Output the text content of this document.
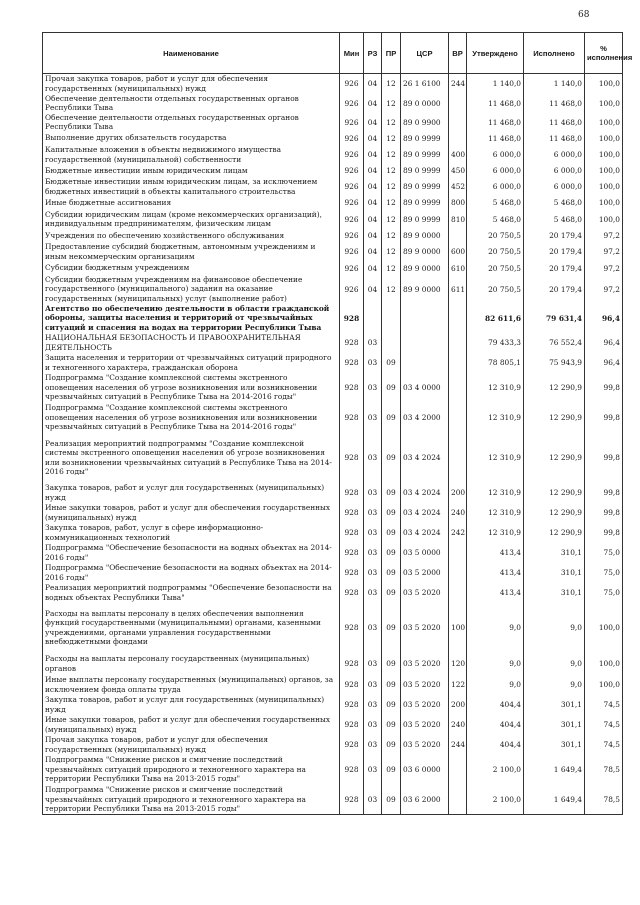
68
Наименование	Мин	РЗ	ПР	ЦСР	ВР	Утверждено	Исполнено	% исполнения
Прочая закупка товаров, работ и услуг для обеспечения государственных (муниципальных) нужд	926	04	12	26 1 6100	244	1 140,0	1 140,0	100,0
Обеспечение деятельности отдельных государственных органов Республики Тыва	926	04	12	89 0 0000		11 468,0	11 468,0	100,0
Обеспечение деятельности отдельных государственных органов Республики Тыва	926	04	12	89 0 9900		11 468,0	11 468,0	100,0
Выполнение других обязательств государства	926	04	12	89 0 9999		11 468,0	11 468,0	100,0
Капитальные вложения в объекты недвижимого имущества государственной (муниципальной) собственности	926	04	12	89 0 9999	400	6 000,0	6 000,0	100,0
Бюджетные инвестиции иным юридическим лицам	926	04	12	89 0 9999	450	6 000,0	6 000,0	100,0
Бюджетные инвестиции иным юридическим лицам, за исключением бюджетных инвестиций в объекты капитального строительства	926	04	12	89 0 9999	452	6 000,0	6 000,0	100,0
Иные бюджетные ассигнования	926	04	12	89 0 9999	800	5 468,0	5 468,0	100,0
Субсидии юридическим лицам (кроме некоммерческих организаций), индивидуальным предпринимателям, физическим лицам	926	04	12	89 0 9999	810	5 468,0	5 468,0	100,0
Учреждения по обеспечению хозяйственного обслуживания	926	04	12	89 9 0000		20 750,5	20 179,4	97,2
Предоставление субсидий бюджетным, автономным учреждениям и иным некоммерческим организациям	926	04	12	89 9 0000	600	20 750,5	20 179,4	97,2
Субсидии бюджетным учреждениям	926	04	12	89 9 0000	610	20 750,5	20 179,4	97,2
Субсидии бюджетным учреждениям на финансовое обеспечение государственного (муниципального) задания на оказание государственных (муниципальных) услуг (выполнение работ)	926	04	12	89 9 0000	611	20 750,5	20 179,4	97,2
Агентство по обеспечению деятельности в области гражданской обороны, защиты населения и территорий от чрезвычайных ситуаций и спасения на водах на территории Республики Тыва	928					82 611,6	79 631,4	96,4
НАЦИОНАЛЬНАЯ БЕЗОПАСНОСТЬ И ПРАВООХРАНИТЕЛЬНАЯ ДЕЯТЕЛЬНОСТЬ	928	03				79 433,3	76 552,4	96,4
Защита населения и территории от чрезвычайных ситуаций природного и техногенного характера, гражданская оборона	928	03	09			78 805,1	75 943,9	96,4
Подпрограмма "Создание комплексной системы экстренного оповещения населения об угрозе возникновения или возникновении чрезвычайных ситуаций в Республике Тыва на 2014-2016 годы"	928	03	09	03 4 0000		12 310,9	12 290,9	99,8
Подпрограмма "Создание комплексной системы экстренного оповещения населения об угрозе возникновения или возникновении чрезвычайных ситуаций в Республике Тыва на 2014-2016 годы"	928	03	09	03 4 2000		12 310,9	12 290,9	99,8
Реализация мероприятий подпрограммы "Создание комплексной системы экстренного оповещения населения об угрозе возникновения или возникновении чрезвычайных ситуаций в Республике Тыва на 2014-2016 годы"	928	03	09	03 4 2024		12 310,9	12 290,9	99,8
Закупка товаров, работ и услуг для государственных (муниципальных) нужд	928	03	09	03 4 2024	200	12 310,9	12 290,9	99,8
Иные закупки товаров, работ и услуг для обеспечения государственных (муниципальных) нужд	928	03	09	03 4 2024	240	12 310,9	12 290,9	99,8
Закупка товаров, работ, услуг в сфере информационно-коммуникационных технологий	928	03	09	03 4 2024	242	12 310,9	12 290,9	99,8
Подпрограмма "Обеспечение безопасности на водных объектах на 2014-2016 годы"	928	03	09	03 5 0000		413,4	310,1	75,0
Подпрограмма "Обеспечение безопасности на водных объектах на 2014-2016 годы"	928	03	09	03 5 2000		413,4	310,1	75,0
Реализация мероприятий подпрограммы "Обеспечение безопасности на водных объектах Республики Тыва"	928	03	09	03 5 2020		413,4	310,1	75,0
Расходы на выплаты персоналу в целях обеспечения выполнения функций государственными (муниципальными) органами, казенными учреждениями, органами управления государственными внебюджетными фондами	928	03	09	03 5 2020	100	9,0	9,0	100,0
Расходы на выплаты персоналу государственных (муниципальных) органов	928	03	09	03 5 2020	120	9,0	9,0	100,0
Иные выплаты персоналу государственных (муниципальных) органов, за исключением фонда оплаты труда	928	03	09	03 5 2020	122	9,0	9,0	100,0
Закупка товаров, работ и услуг для государственных (муниципальных) нужд	928	03	09	03 5 2020	200	404,4	301,1	74,5
Иные закупки товаров, работ и услуг для обеспечения государственных (муниципальных) нужд	928	03	09	03 5 2020	240	404,4	301,1	74,5
Прочая закупка товаров, работ и услуг для обеспечения государственных (муниципальных) нужд	928	03	09	03 5 2020	244	404,4	301,1	74,5
Подпрограмма "Снижение рисков и смягчение последствий чрезвычайных ситуаций природного и техногенного характера на территории Республики Тыва на 2013-2015 годы"	928	03	09	03 6 0000		2 100,0	1 649,4	78,5
Подпрограмма "Снижение рисков и смягчение последствий чрезвычайных ситуаций природного и техногенного характера на территории Республики Тыва на 2013-2015 годы"	928	03	09	03 6 2000		2 100,0	1 649,4	78,5
